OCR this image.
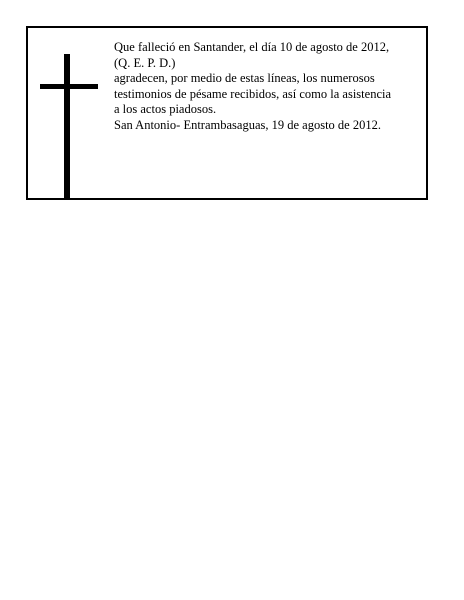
Que falleció en Santander, el día 10 de agosto de 2012,
(Q. E. P. D.)
agradecen, por medio de estas líneas, los numerosos
testimonios de pésame recibidos, así como la asistencia
a los actos piadosos.
San Antonio- Entrambasaguas, 19 de agosto de 2012.
